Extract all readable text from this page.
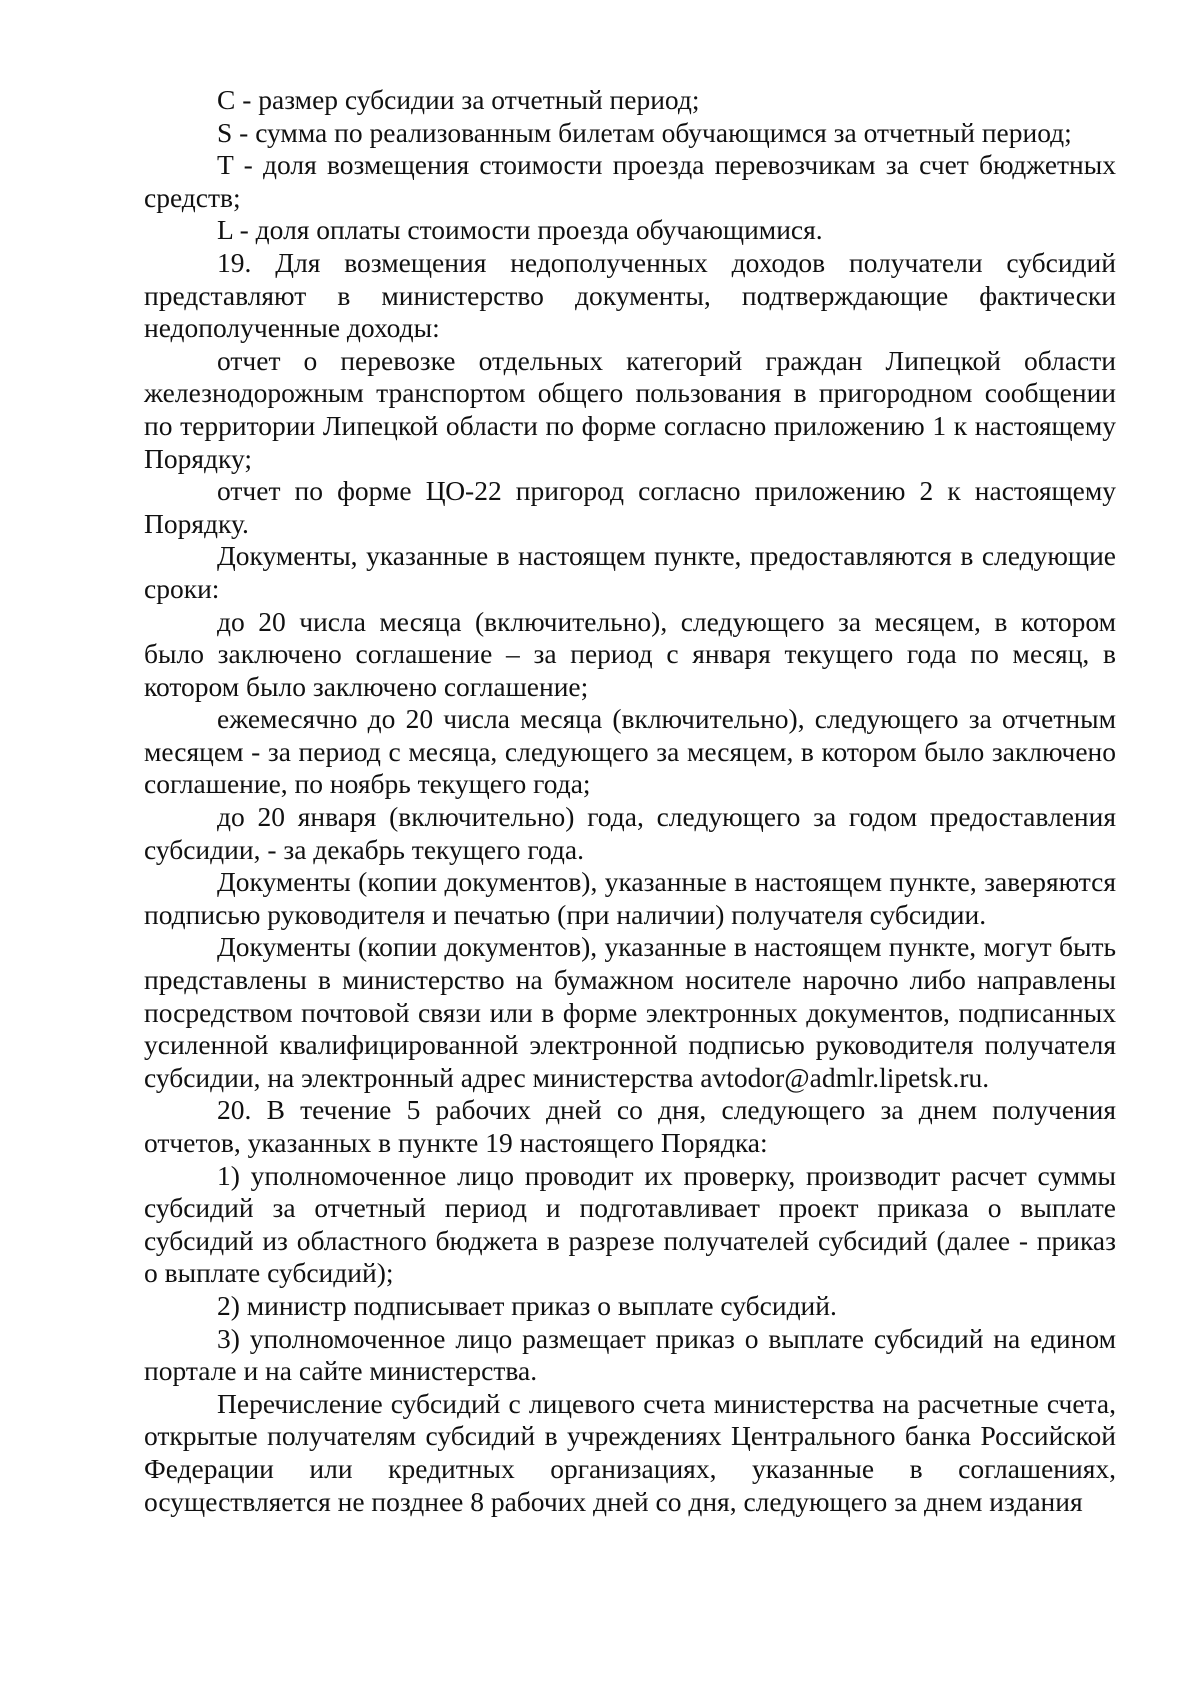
C - размер субсидии за отчетный период;

S - сумма по реализованным билетам обучающимся за отчетный период;

T - доля возмещения стоимости проезда перевозчикам за счет бюджетных средств;

L - доля оплаты стоимости проезда обучающимися.

19. Для возмещения недополученных доходов получатели субсидий представляют в министерство документы, подтверждающие фактически недополученные доходы:

отчет о перевозке отдельных категорий граждан Липецкой области железнодорожным транспортом общего пользования в пригородном сообщении по территории Липецкой области по форме согласно приложению 1 к настоящему Порядку;

отчет по форме ЦО-22 пригород согласно приложению 2 к настоящему Порядку.

Документы, указанные в настоящем пункте, предоставляются в следующие сроки:

до 20 числа месяца (включительно), следующего за месяцем, в котором было заключено соглашение – за период с января текущего года по месяц, в котором было заключено соглашение;

ежемесячно до 20 числа месяца (включительно), следующего за отчетным месяцем - за период с месяца, следующего за месяцем, в котором было заключено соглашение, по ноябрь текущего года;

до 20 января (включительно) года, следующего за годом предоставления субсидии, - за декабрь текущего года.

Документы (копии документов), указанные в настоящем пункте, заверяются подписью руководителя и печатью (при наличии) получателя субсидии.

Документы (копии документов), указанные в настоящем пункте, могут быть представлены в министерство на бумажном носителе нарочно либо направлены посредством почтовой связи или в форме электронных документов, подписанных усиленной квалифицированной электронной подписью руководителя получателя субсидии, на электронный адрес министерства avtodor@admlr.lipetsk.ru.

20. В течение 5 рабочих дней со дня, следующего за днем получения отчетов, указанных в пункте 19 настоящего Порядка:

1) уполномоченное лицо проводит их проверку, производит расчет суммы субсидий за отчетный период и подготавливает проект приказа о выплате субсидий из областного бюджета в разрезе получателей субсидий (далее - приказ о выплате субсидий);

2) министр подписывает приказ о выплате субсидий.

3) уполномоченное лицо размещает приказ о выплате субсидий на едином портале и на сайте министерства.

Перечисление субсидий с лицевого счета министерства на расчетные счета, открытые получателям субсидий в учреждениях Центрального банка Российской Федерации или кредитных организациях, указанные в соглашениях, осуществляется не позднее 8 рабочих дней со дня, следующего за днем издания
